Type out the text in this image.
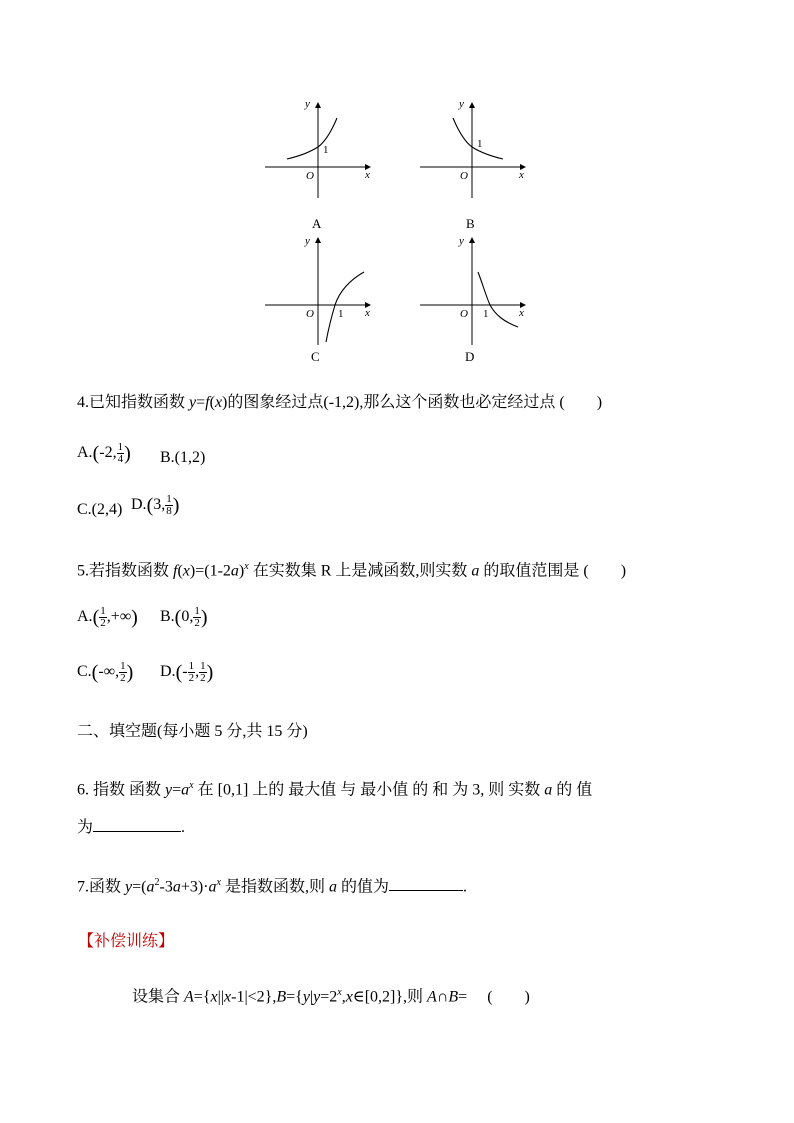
y
x
O
1
A
y
x
O
1
B
y
x
O 1
C
y
x
O 1
D
4.已知指数函数 y=f(x)的图象经过点(-1,2),那么这个函数也必定经过点 (　　)
A.(-2, $\frac{1}{4}$ ) B.(1,2)
C.(2,4) D.(3, $\frac{1}{8}$ )
5.若指数函数 $f(x)=(1-2a)^x$ 在实数集 R 上是减函数,则实数 a 的取值范围是 (　　)
$A.( \frac{1}{2}$ ,+∞) B.(0, $\frac{1}{2}$ )
C.(-∞, $\frac{1}{2}$ ) $D.(- \frac{1}{2}$ , $\frac{1}{2}$ )
二、填空题(每小题 5 分,共 15 分)
6. 指数 函数 $y=a^x$ 在 [0,1] 上的 最大值 与 最小值 的 和 为 3, 则 实数 a 的 值
为	.
7.函数 $y=(a^2-3a+3)\cdot a^x$ 是指数函数,则 a 的值为	.
【补偿训练】
设集合 $A=\{x||x-1|<2\},B=\{y|y=2^x,x\in[0,2]\}$,则 A∩B=　 (　　)
